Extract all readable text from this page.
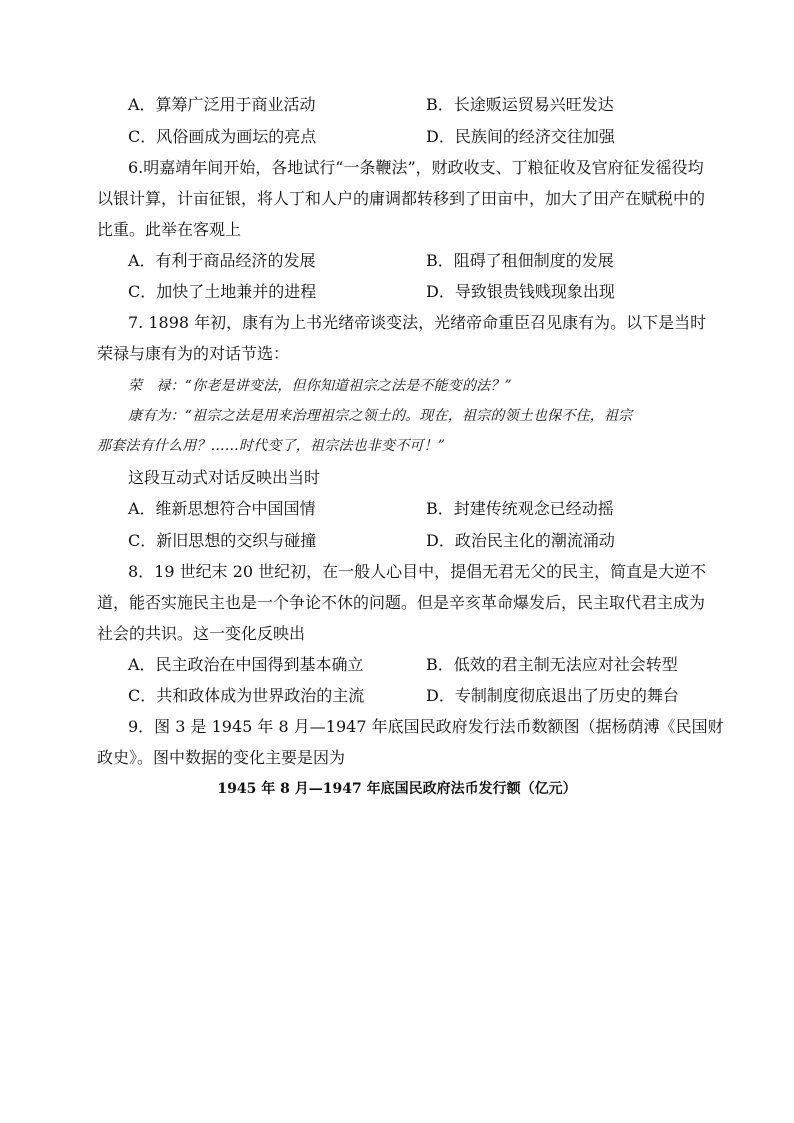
A．算筹广泛用于商业活动	B．长途贩运贸易兴旺发达
C．风俗画成为画坛的亮点	D．民族间的经济交往加强
6.明嘉靖年间开始，各地试行“一条鞭法”，财政收支、丁粮征收及官府征发徭役均
以银计算，计亩征银，将人丁和人户的庸调都转移到了田亩中，加大了田产在赋税中的
比重。此举在客观上
A．有利于商品经济的发展	B．阻碍了租佃制度的发展
C．加快了土地兼并的进程	D．导致银贵钱贱现象出现
7. 1898 年初，康有为上书光绪帝谈变法，光绪帝命重臣召见康有为。以下是当时
荣禄与康有为的对话节选：
荣　禄：“你老是讲变法，但你知道祖宗之法是不能变的法？”
康有为：“祖宗之法是用来治理祖宗之领土的。现在，祖宗的领土也保不住，祖宗
那套法有什么用？……时代变了，祖宗法也非变不可！”
这段互动式对话反映出当时
A．维新思想符合中国国情	B．封建传统观念已经动摇
C．新旧思想的交织与碰撞	D．政治民主化的潮流涌动
8．19 世纪末 20 世纪初，在一般人心目中，提倡无君无父的民主，简直是大逆不
道，能否实施民主也是一个争论不休的问题。但是辛亥革命爆发后，民主取代君主成为
社会的共识。这一变化反映出
A．民主政治在中国得到基本确立	B．低效的君主制无法应对社会转型
C．共和政体成为世界政治的主流	D．专制制度彻底退出了历史的舞台
9．图 3 是 1945 年 8 月—1947 年底国民政府发行法币数额图（据杨荫溥《民国财
政史》。图中数据的变化主要是因为
1945 年 8 月—1947 年底国民政府法币发行额（亿元）
